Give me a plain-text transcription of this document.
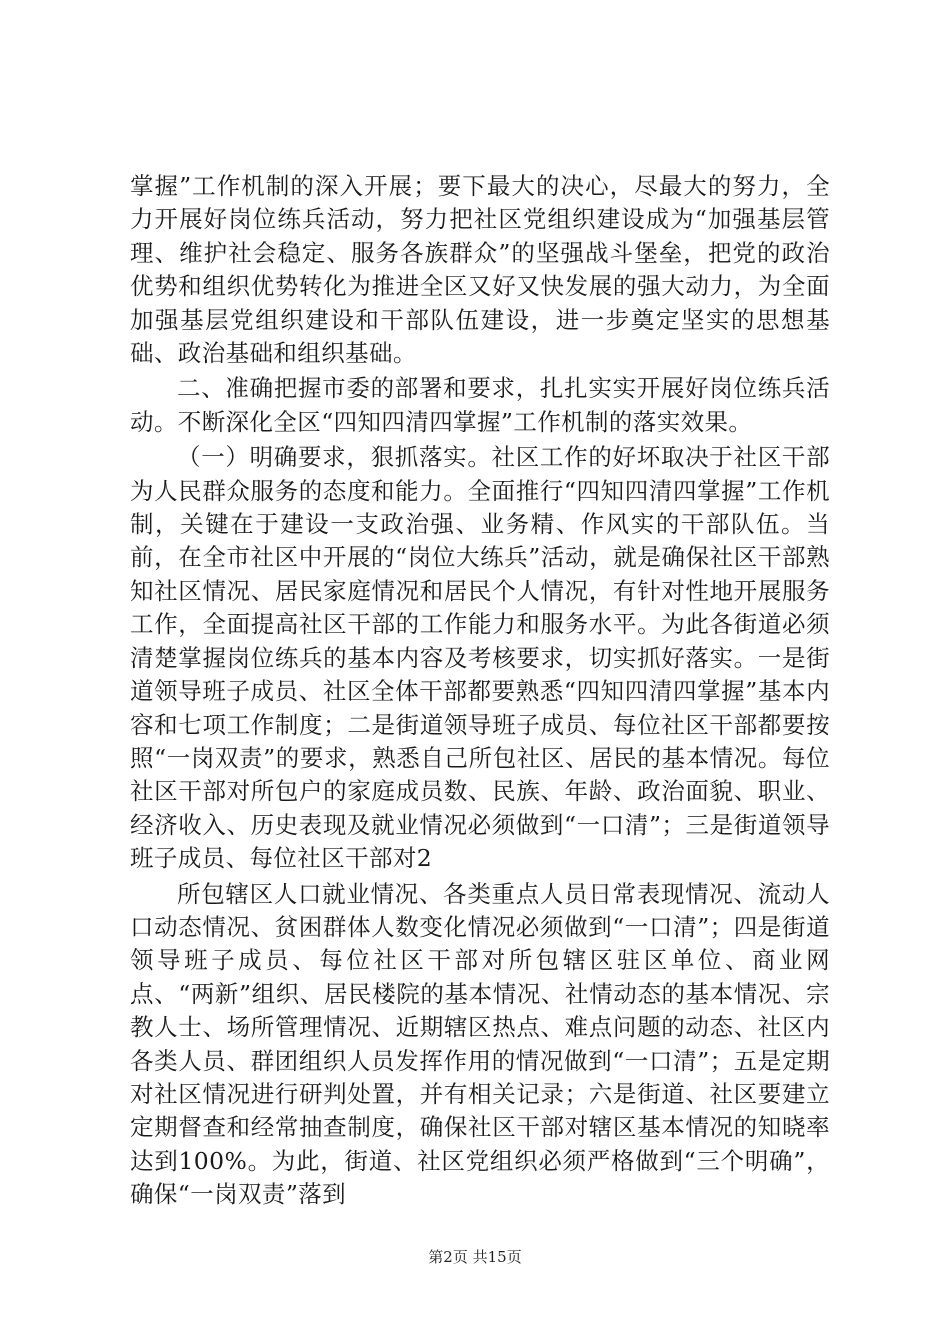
掌握”工作机制的深入开展；要下最大的决心，尽最大的努力，全力开展好岗位练兵活动，努力把社区党组织建设成为“加强基层管理、维护社会稳定、服务各族群众”的坚强战斗堡垒，把党的政治优势和组织优势转化为推进全区又好又快发展的强大动力，为全面加强基层党组织建设和干部队伍建设，进一步奠定坚实的思想基础、政治基础和组织基础。

二、准确把握市委的部署和要求，扎扎实实开展好岗位练兵活动。不断深化全区“四知四清四掌握”工作机制的落实效果。

（一）明确要求，狠抓落实。社区工作的好坏取决于社区干部为人民群众服务的态度和能力。全面推行“四知四清四掌握”工作机制，关键在于建设一支政治强、业务精、作风实的干部队伍。当前，在全市社区中开展的“岗位大练兵”活动，就是确保社区干部熟知社区情况、居民家庭情况和居民个人情况，有针对性地开展服务工作，全面提高社区干部的工作能力和服务水平。为此各街道必须清楚掌握岗位练兵的基本内容及考核要求，切实抓好落实。一是街道领导班子成员、社区全体干部都要熟悉“四知四清四掌握”基本内容和七项工作制度；二是街道领导班子成员、每位社区干部都要按照“一岗双责”的要求，熟悉自己所包社区、居民的基本情况。每位社区干部对所包户的家庭成员数、民族、年龄、政治面貌、职业、经济收入、历史表现及就业情况必须做到“一口清”；三是街道领导班子成员、每位社区干部对2

所包辖区人口就业情况、各类重点人员日常表现情况、流动人口动态情况、贫困群体人数变化情况必须做到“一口清”；四是街道领导班子成员、每位社区干部对所包辖区驻区单位、商业网点、“两新”组织、居民楼院的基本情况、社情动态的基本情况、宗教人士、场所管理情况、近期辖区热点、难点问题的动态、社区内各类人员、群团组织人员发挥作用的情况做到“一口清”；五是定期对社区情况进行研判处置，并有相关记录；六是街道、社区要建立定期督查和经常抽查制度，确保社区干部对辖区基本情况的知晓率达到100%。为此，街道、社区党组织必须严格做到“三个明确”，确保“一岗双责”落到

第2页 共15页
